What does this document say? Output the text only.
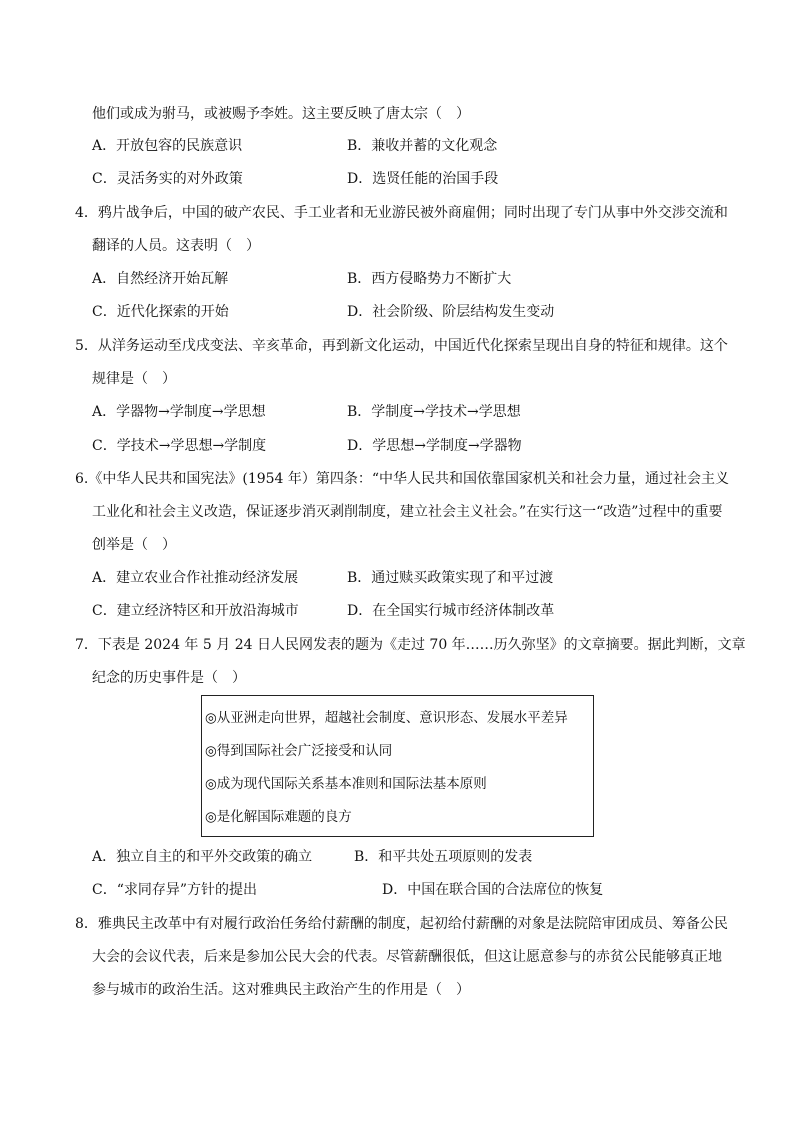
他们或成为驸马，或被赐予李姓。这主要反映了唐太宗（　）
A．开放包容的民族意识	B．兼收并蓄的文化观念
C．灵活务实的对外政策	D．选贤任能的治国手段
4．鸦片战争后，中国的破产农民、手工业者和无业游民被外商雇佣；同时出现了专门从事中外交涉交流和
翻译的人员。这表明（　）
A．自然经济开始瓦解	B．西方侵略势力不断扩大
C．近代化探索的开始	D．社会阶级、阶层结构发生变动
5．从洋务运动至戊戌变法、辛亥革命，再到新文化运动，中国近代化探索呈现出自身的特征和规律。这个
规律是（　）
A．学器物→学制度→学思想	B．学制度→学技术→学思想
C．学技术→学思想→学制度	D．学思想→学制度→学器物
6.《中华人民共和国宪法》(1954 年）第四条：“中华人民共和国依靠国家机关和社会力量，通过社会主义
工业化和社会主义改造，保证逐步消灭剥削制度，建立社会主义社会。”在实行这一“改造”过程中的重要
创举是（　）
A．建立农业合作社推动经济发展	B．通过赎买政策实现了和平过渡
C．建立经济特区和开放沿海城市	D．在全国实行城市经济体制改革
7．下表是 2024 年 5 月 24 日人民网发表的题为《走过 70 年……历久弥坚》的文章摘要。据此判断，文章
纪念的历史事件是（　）
◎从亚洲走向世界，超越社会制度、意识形态、发展水平差异
◎得到国际社会广泛接受和认同
◎成为现代国际关系基本准则和国际法基本原则
◎是化解国际难题的良方
A．独立自主的和平外交政策的确立	B．和平共处五项原则的发表
C．“求同存异”方针的提出	D．中国在联合国的合法席位的恢复
8．雅典民主改革中有对履行政治任务给付薪酬的制度，起初给付薪酬的对象是法院陪审团成员、筹备公民
大会的会议代表，后来是参加公民大会的代表。尽管薪酬很低，但这让愿意参与的赤贫公民能够真正地
参与城市的政治生活。这对雅典民主政治产生的作用是（　）
